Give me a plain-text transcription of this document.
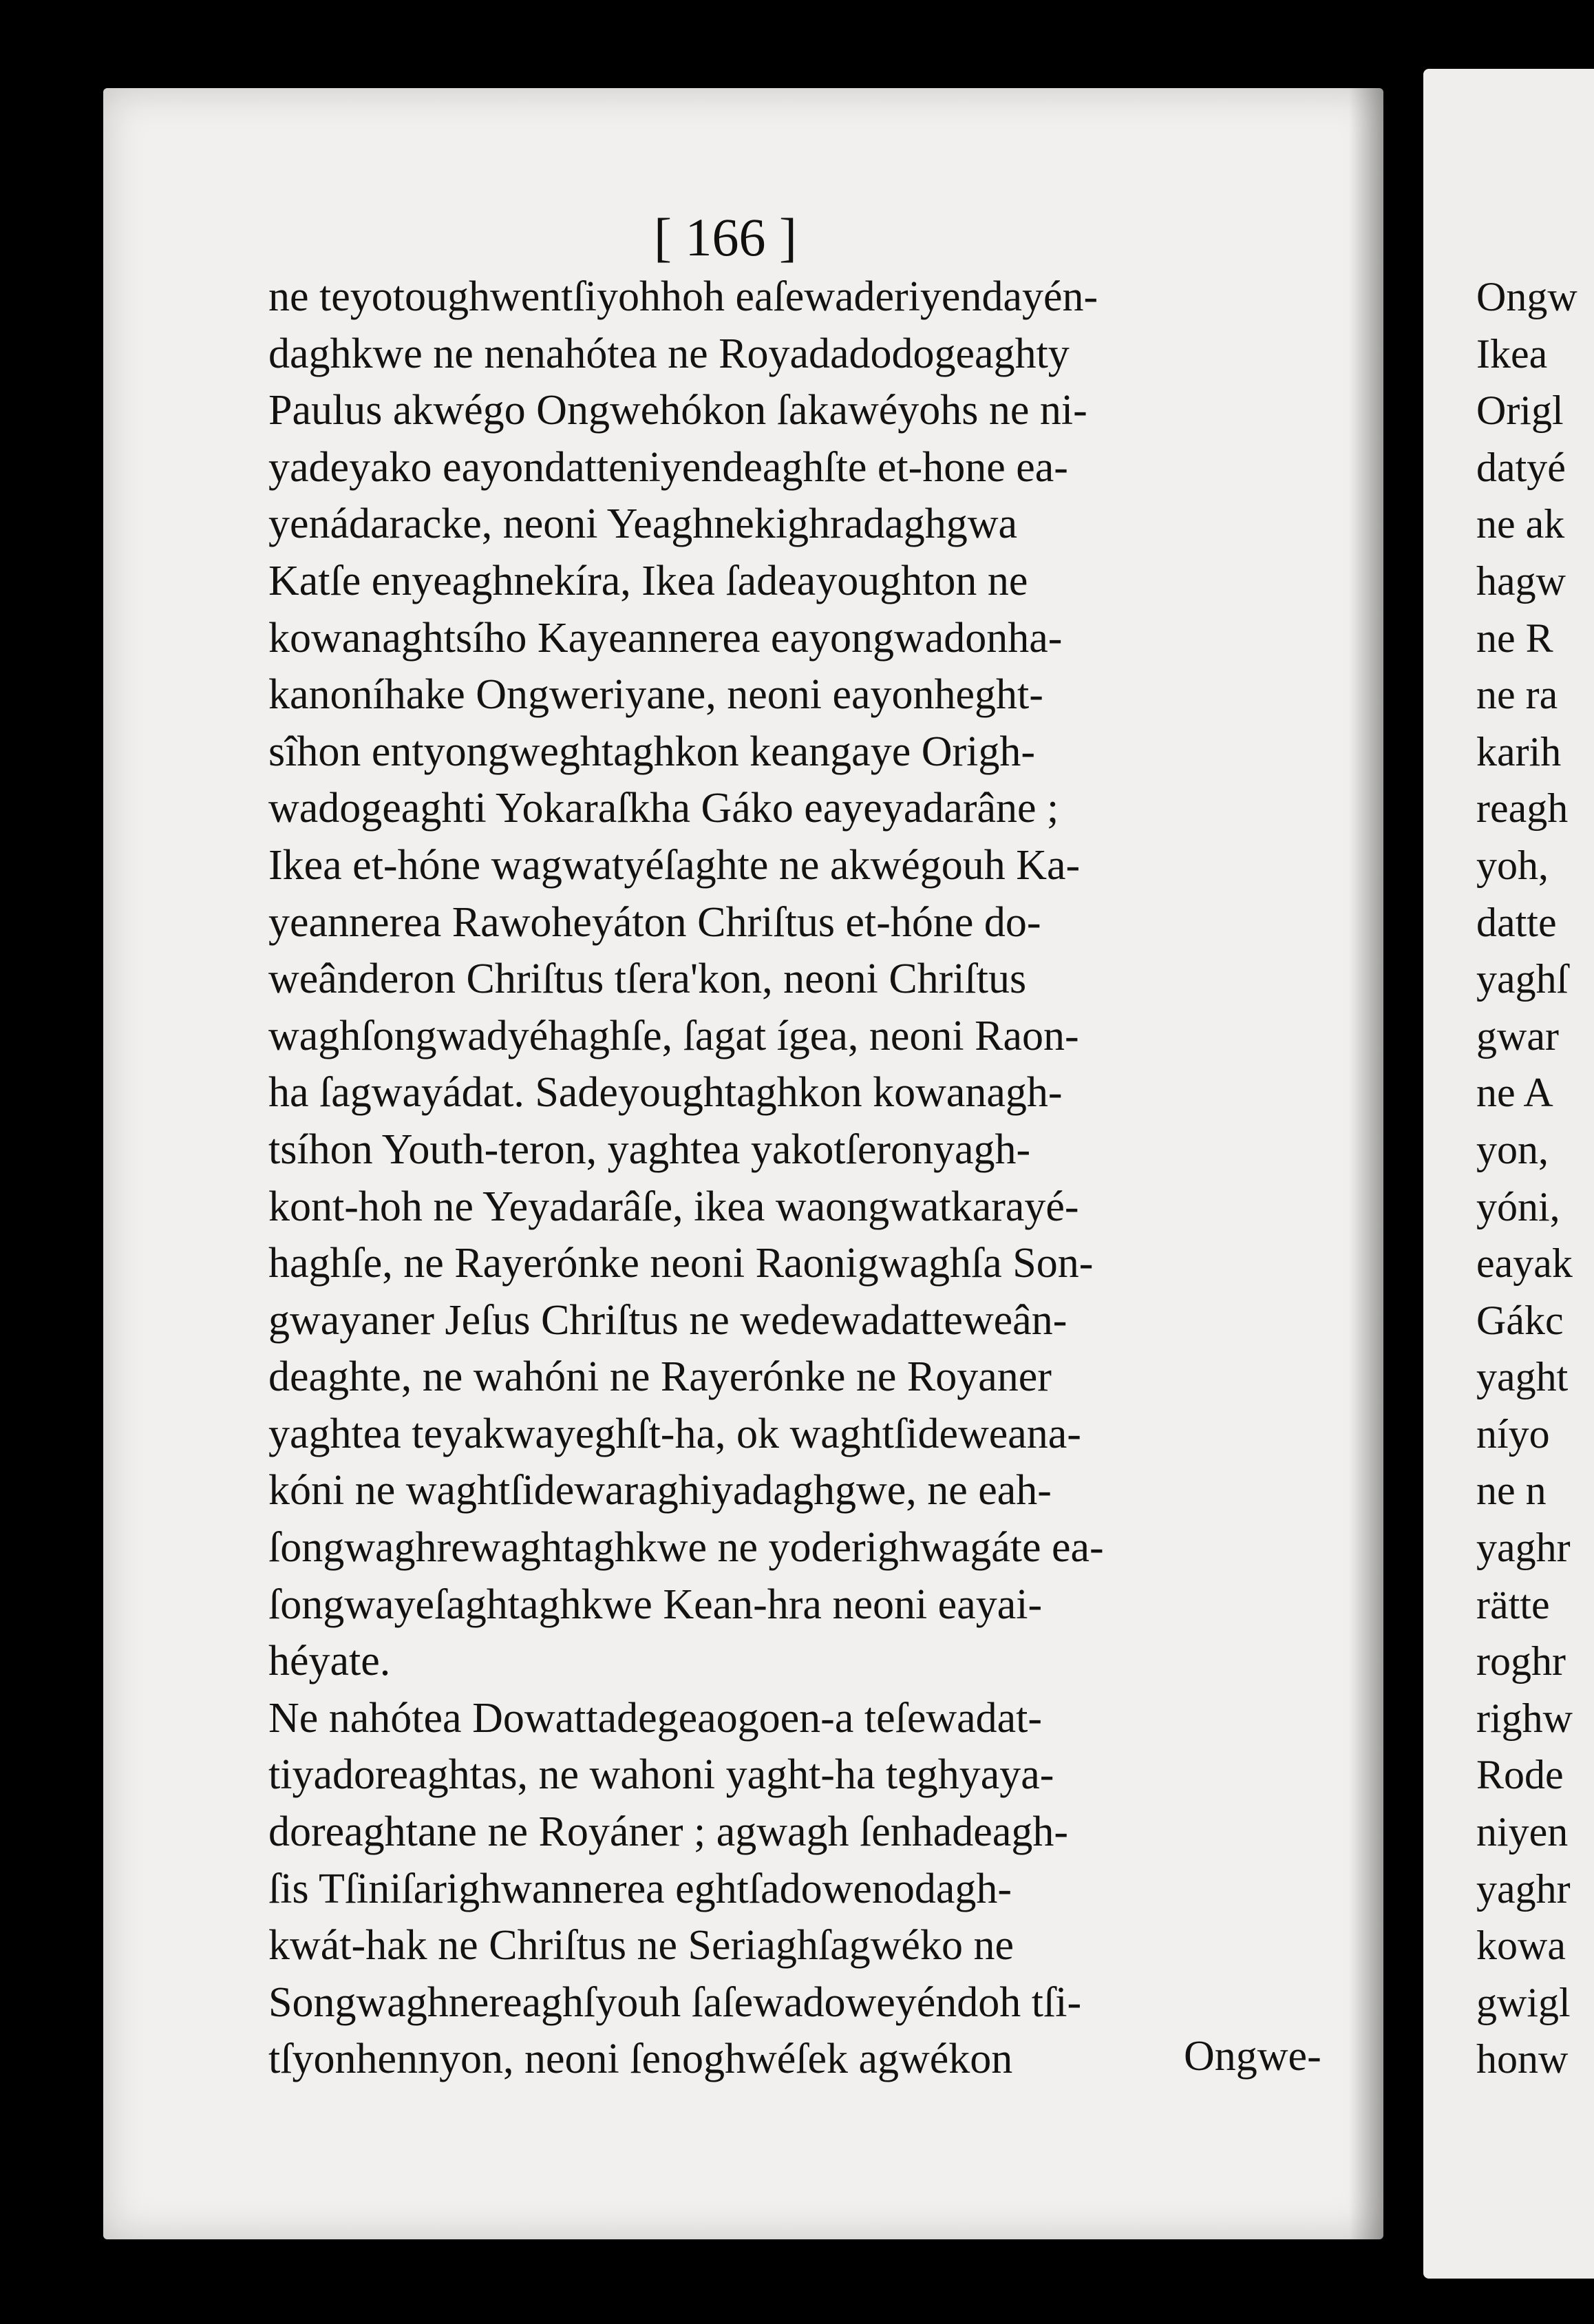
[ 166 ]
ne teyotoughwentſiyohhoh eaſewaderiyendayén-
daghkwe ne nenahótea ne Royadadodogeaghty
Paulus akwégo Ongwehókon ſakawéyohs ne ni-
yadeyako eayondatteniyendeaghſte et-hone ea-
yenádaracke, neoni Yeaghnekighradaghgwa
Katſe enyeaghnekíra, Ikea ſadeayoughton ne
kowanaghtsího Kayeannerea eayongwadonha-
kanoníhake Ongweriyane, neoni eayonheght-
sîhon entyongweghtaghkon keangaye Origh-
wadogeaghti Yokaraſkha Gáko eayeyadarâne ;
Ikea et-hóne wagwatyéſaghte ne akwégouh Ka-
yeannerea Rawoheyáton Chriſtus et-hóne do-
weânderon Chriſtus tſera'kon, neoni Chriſtus
waghſongwadyéhaghſe, ſagat ígea, neoni Raon-
ha ſagwayádat. Sadeyoughtaghkon kowanagh-
tsíhon Youth-teron, yaghtea yakotſeronyagh-
kont-hoh ne Yeyadarâſe, ikea waongwatkarayé-
haghſe, ne Rayerónke neoni Raonigwaghſa Son-
gwayaner Jeſus Chriſtus ne wedewadatteweân-
deaghte, ne wahóni ne Rayerónke ne Royaner
yaghtea teyakwayeghſt-ha, ok waghtſideweana-
kóni ne waghtſidewaraghiyadaghgwe, ne eah-
ſongwaghrewaghtaghkwe ne yoderighwagáte ea-
ſongwayeſaghtaghkwe Kean-hra neoni eayai-
héyate.
Ne nahótea Dowattadegeaogoen-a teſewadat-
tiyadoreaghtas, ne wahoni yaght-ha teghyaya-
doreaghtane ne Royáner ; agwagh ſenhadeagh-
ſis Tſiniſarighwannerea eghtſadowenodagh-
kwát-hak ne Chriſtus ne Seriaghſagwéko ne
Songwaghnereaghſyouh ſaſewadoweyéndoh tſi-
tſyonhennyon, neoni ſenoghwéſek agwékon	Ongwe-
Ongw
Ikea
Origl
datyé
ne ak
hagw
ne R
ne ra
karih
reagh
yoh,
datte
yaghſ
gwar
ne A
yon,
yóni,
eayak
Gákc
yaght
níyo
ne n
yaghr
rätte
roghr
righw
Rode
niyen
yaghr
kowa
gwigl
honw
